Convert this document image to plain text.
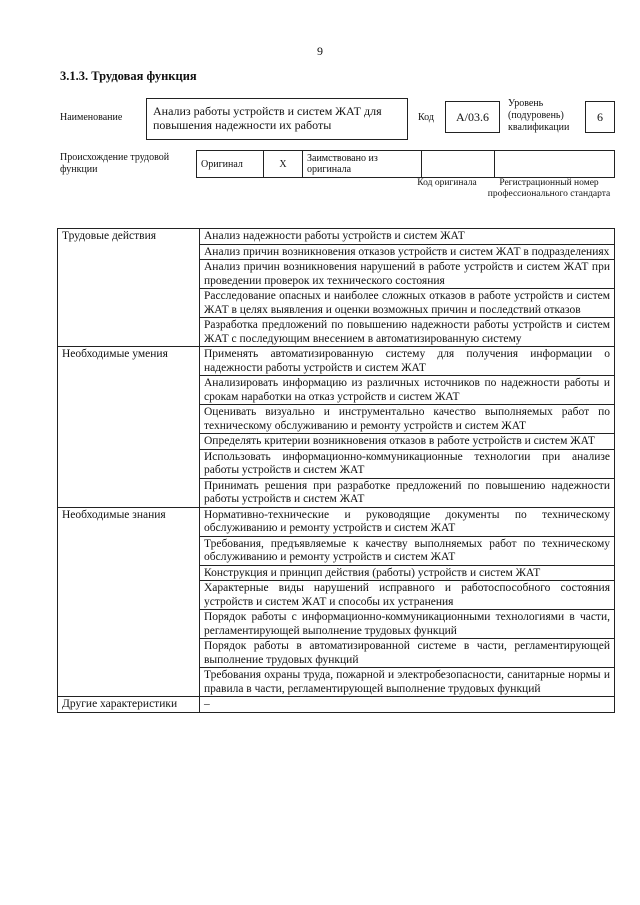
9
3.1.3. Трудовая функция
Наименование	Анализ работы устройств и систем ЖАТ для повышения надежности их работы
Код	А/03.6
Уровень (подуровень) квалификации
6
Происхождение трудовой функции	Оригинал	Х	Заимствовано из оригинала		
Код оригинала	Регистрационный номер профессионального стандарта
Трудовые действия	Анализ надежности работы устройств и систем ЖАТ
	Анализ причин возникновения отказов устройств и систем ЖАТ в подразделениях
	Анализ причин возникновения нарушений в работе устройств и систем ЖАТ при проведении проверок их технического состояния
	Расследование опасных и наиболее сложных отказов в работе устройств и систем ЖАТ в целях выявления и оценки возможных причин и последствий отказов
	Разработка предложений по повышению надежности работы устройств и систем ЖАТ с последующим внесением в автоматизированную систему
Необходимые умения	Применять автоматизированную систему для получения информации о надежности работы устройств и систем ЖАТ
	Анализировать информацию из различных источников по надежности работы и срокам наработки на отказ устройств и систем ЖАТ
	Оценивать визуально и инструментально качество выполняемых работ по техническому обслуживанию и ремонту устройств и систем ЖАТ
	Определять критерии возникновения отказов в работе устройств и систем ЖАТ
	Использовать информационно-коммуникационные технологии при анализе работы устройств и систем ЖАТ
	Принимать решения при разработке предложений по повышению надежности работы устройств и систем ЖАТ
Необходимые знания	Нормативно-технические и руководящие документы по техническому обслуживанию и ремонту устройств и систем ЖАТ
	Требования, предъявляемые к качеству выполняемых работ по техническому обслуживанию и ремонту устройств и систем ЖАТ
	Конструкция и принцип действия (работы) устройств и систем ЖАТ
	Характерные виды нарушений исправного и работоспособного состояния устройств и систем ЖАТ и способы их устранения
	Порядок работы с информационно-коммуникационными технологиями в части, регламентирующей выполнение трудовых функций
	Порядок работы в автоматизированной системе в части, регламентирующей выполнение трудовых функций
	Требования охраны труда, пожарной и электробезопасности, санитарные нормы и правила в части, регламентирующей выполнение трудовых функций
Другие характеристики	–
